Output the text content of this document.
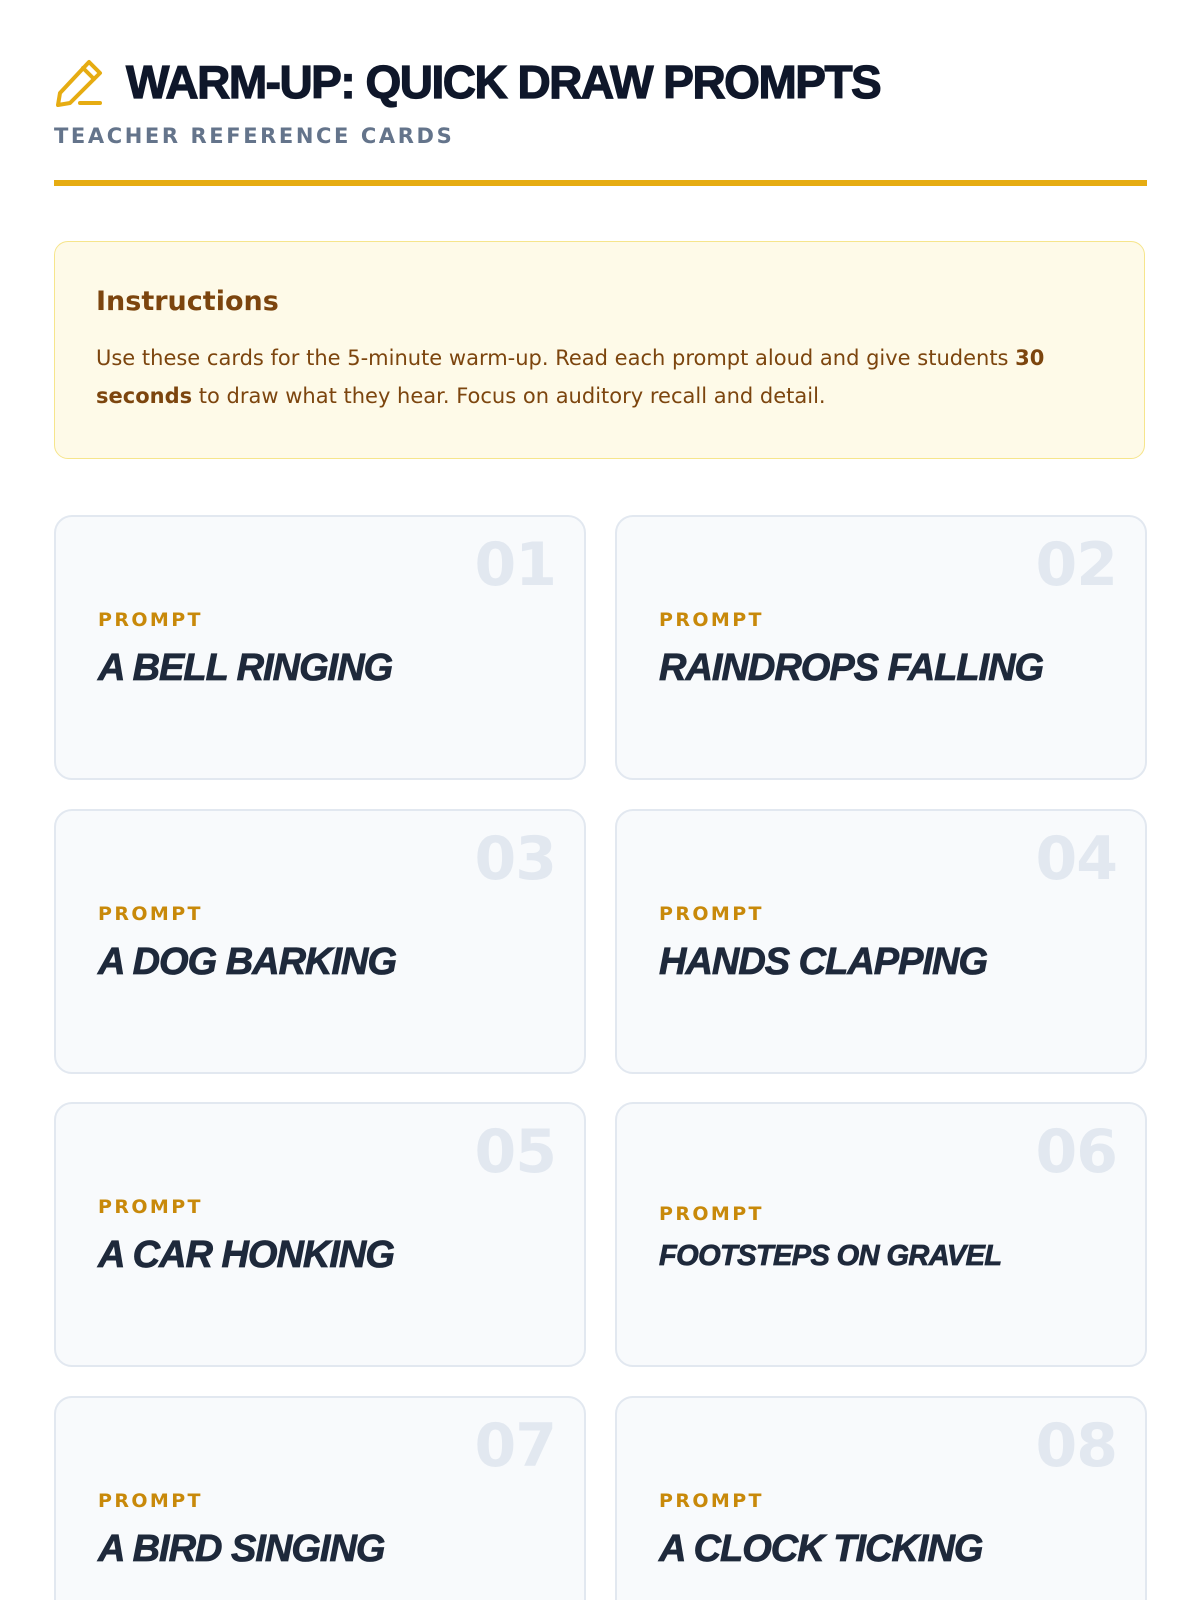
WARM-UP: QUICK DRAW PROMPTS
TEACHER REFERENCE CARDS

Instructions

Use these cards for the 5-minute warm-up. Read each prompt aloud and give students 30 seconds to draw what they hear. Focus on auditory recall and detail.

01
PROMPT
A BELL RINGING
02
PROMPT
RAINDROPS FALLING
03
PROMPT
A DOG BARKING
04
PROMPT
HANDS CLAPPING
05
PROMPT
A CAR HONKING
06
PROMPT
FOOTSTEPS ON GRAVEL
07
PROMPT
A BIRD SINGING
08
PROMPT
A CLOCK TICKING
